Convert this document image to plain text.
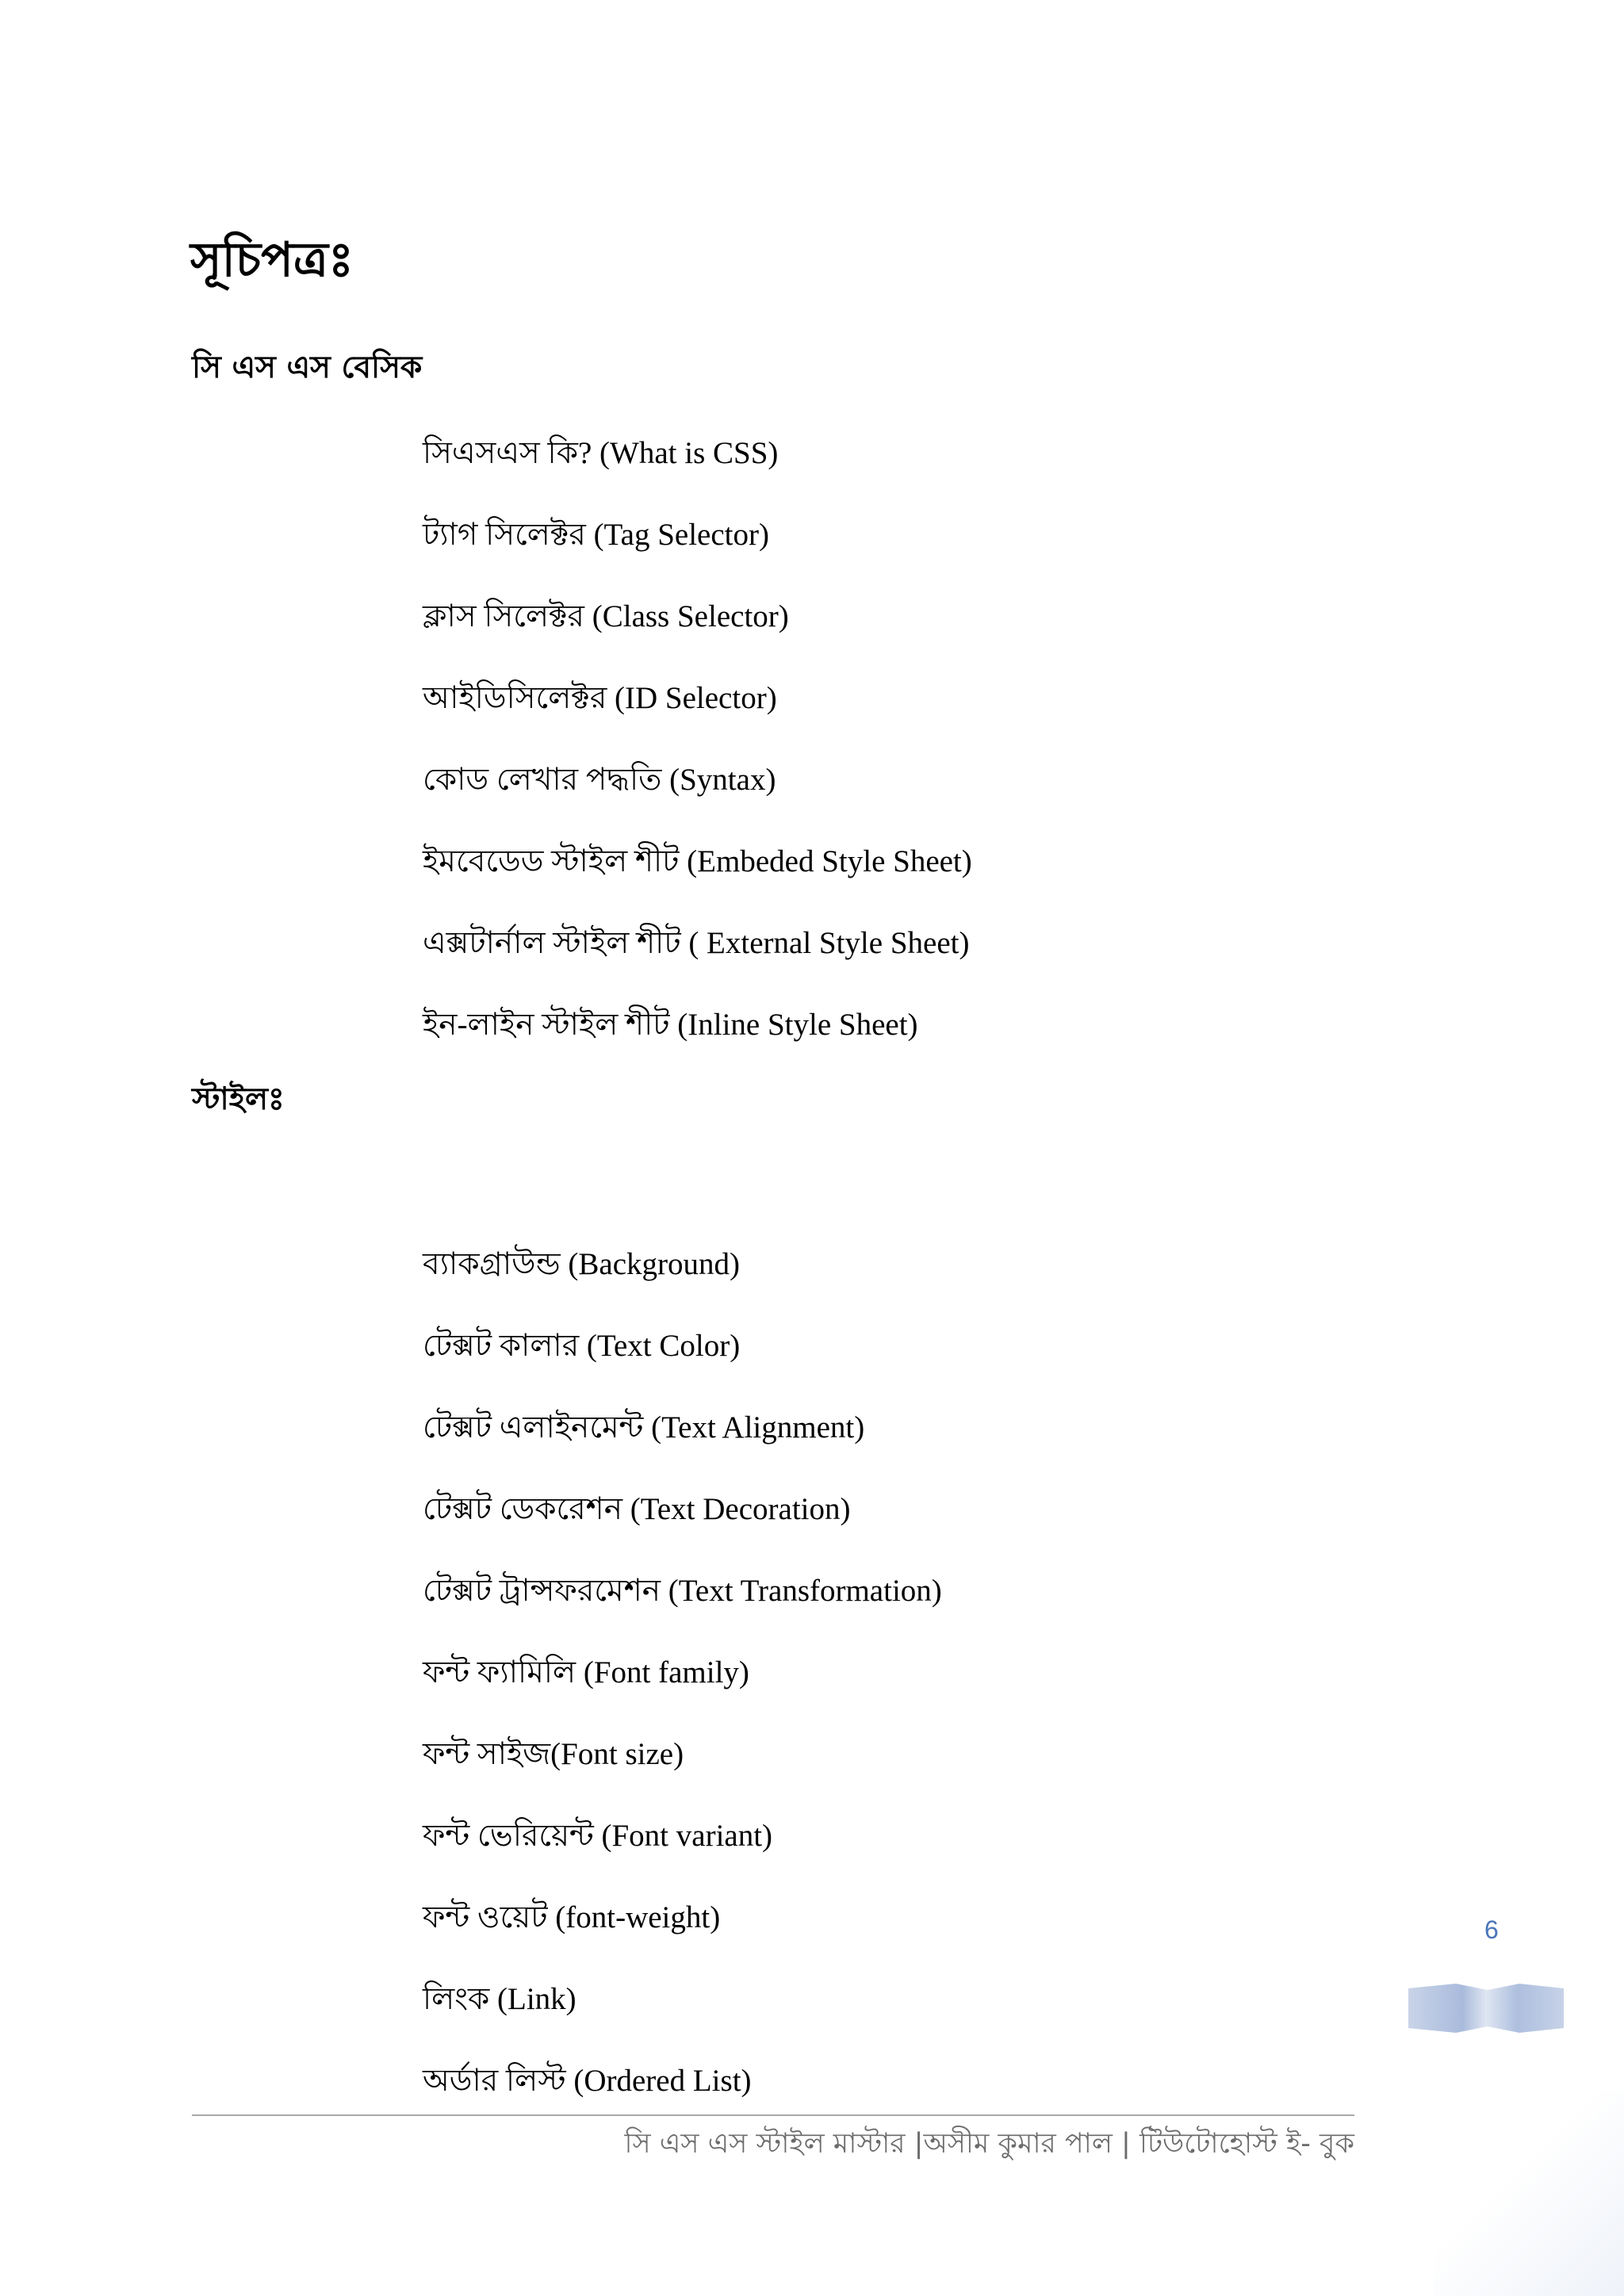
সূচিপত্রঃ
সি এস এস বেসিক
সিএসএস কি? (What is CSS)
ট্যাগ সিলেক্টর (Tag Selector)
ক্লাস সিলেক্টর (Class Selector)
আইডিসিলেক্টর (ID Selector)
কোড লেখার পদ্ধতি (Syntax)
ইমবেডেড স্টাইল শীট (Embeded Style Sheet)
এক্সটার্নাল স্টাইল শীট ( External Style Sheet)
ইন-লাইন স্টাইল শীট (Inline Style Sheet)
স্টাইলঃ
ব্যাকগ্রাউন্ড (Background)
টেক্সট কালার (Text Color)
টেক্সট এলাইনমেন্ট (Text Alignment)
টেক্সট ডেকরেশন (Text Decoration)
টেক্সট ট্রান্সফরমেশন (Text Transformation)
ফন্ট ফ্যামিলি (Font family)
ফন্ট সাইজ(Font size)
ফন্ট ভেরিয়েন্ট (Font variant)
ফন্ট ওয়েট (font-weight)
লিংক (Link)
অর্ডার লিস্ট (Ordered List)
6
সি এস এস স্টাইল মাস্টার |অসীম কুমার পাল | টিউটোহোস্ট ই- বুক
